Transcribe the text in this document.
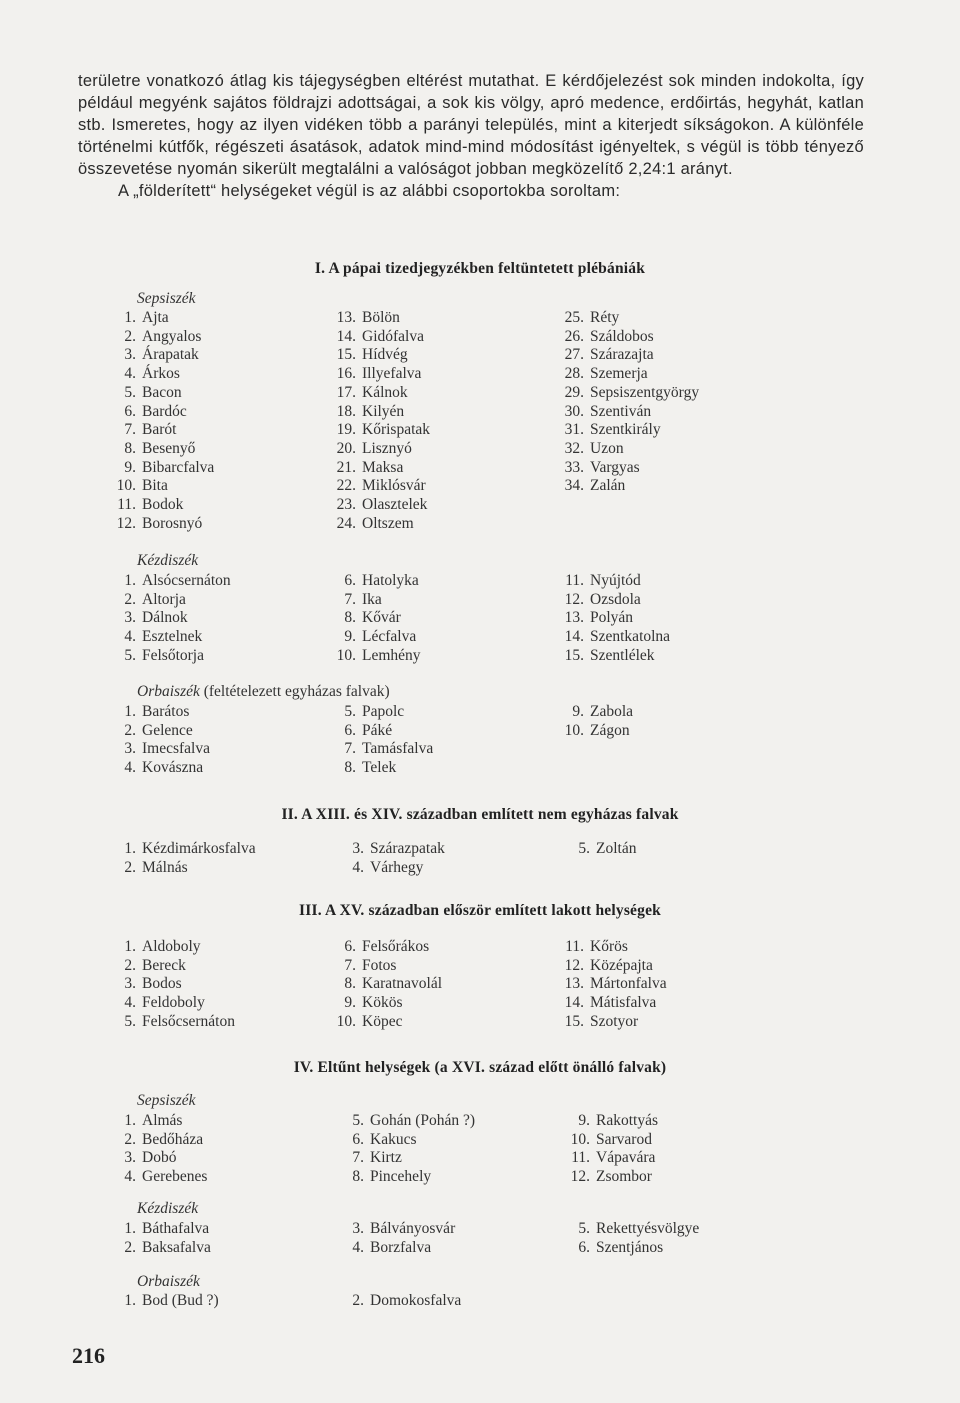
területre vonatkozó átlag kis tájegységben eltérést mutathat. E kérdőjelezést sok minden indokolta, így például megyénk sajátos földrajzi adottságai, a sok kis völgy, apró medence, erdőirtás, hegyhát, katlan stb. Ismeretes, hogy az ilyen vidéken több a parányi település, mint a kiterjedt síkságokon. A különféle történelmi kútfők, régészeti ásatások, adatok mind-mind módosítást igényeltek, s végül is több tényező összevetése nyomán sikerült megtalálni a valóságot jobban megközelítő 2,24:1 arányt.

A „földerített“ helységeket végül is az alábbi csoportokba soroltam:

I. A pápai tizedjegyzékben feltüntetett plébániák
Sepsiszék
1. Ajta
2. Angyalos
3. Árapatak
4. Árkos
5. Bacon
6. Bardóc
7. Barót
8. Besenyő
9. Bibarcfalva
10. Bita
11. Bodok
12. Borosnyó
13. Bölön
14. Gidófalva
15. Hídvég
16. Illyefalva
17. Kálnok
18. Kilyén
19. Kőrispatak
20. Lisznyó
21. Maksa
22. Miklósvár
23. Olasztelek
24. Oltszem
25. Réty
26. Száldobos
27. Szárazajta
28. Szemerja
29. Sepsiszentgyörgy
30. Szentiván
31. Szentkirály
32. Uzon
33. Vargyas
34. Zalán
Kézdiszék
1. Alsócsernáton
2. Altorja
3. Dálnok
4. Esztelnek
5. Felsőtorja
6. Hatolyka
7. Ika
8. Kővár
9. Lécfalva
10. Lemhény
11. Nyújtód
12. Ozsdola
13. Polyán
14. Szentkatolna
15. Szentlélek
Orbaiszék (feltételezett egyházas falvak)
1. Barátos
2. Gelence
3. Imecsfalva
4. Kovászna
5. Papolc
6. Páké
7. Tamásfalva
8. Telek
9. Zabola
10. Zágon
II. A XIII. és XIV. században említett nem egyházas falvak
1. Kézdimárkosfalva
2. Málnás
3. Szárazpatak
4. Várhegy
5. Zoltán
III. A XV. században először említett lakott helységek
1. Aldoboly
2. Bereck
3. Bodos
4. Feldoboly
5. Felsőcsernáton
6. Felsőrákos
7. Fotos
8. Karatnavolál
9. Kökös
10. Köpec
11. Kőrös
12. Középajta
13. Mártonfalva
14. Mátisfalva
15. Szotyor
IV. Eltűnt helységek (a XVI. század előtt önálló falvak)
Sepsiszék
1. Almás
2. Bedőháza
3. Dobó
4. Gerebenes
5. Gohán (Pohán ?)
6. Kakucs
7. Kirtz
8. Pincehely
9. Rakottyás
10. Sarvarod
11. Vápavára
12. Zsombor
Kézdiszék
1. Báthafalva
2. Baksafalva
3. Bálványosvár
4. Borzfalva
5. Rekettyésvölgye
6. Szentjános
Orbaiszék
1. Bod (Bud ?)	2. Domokosfalva
216
